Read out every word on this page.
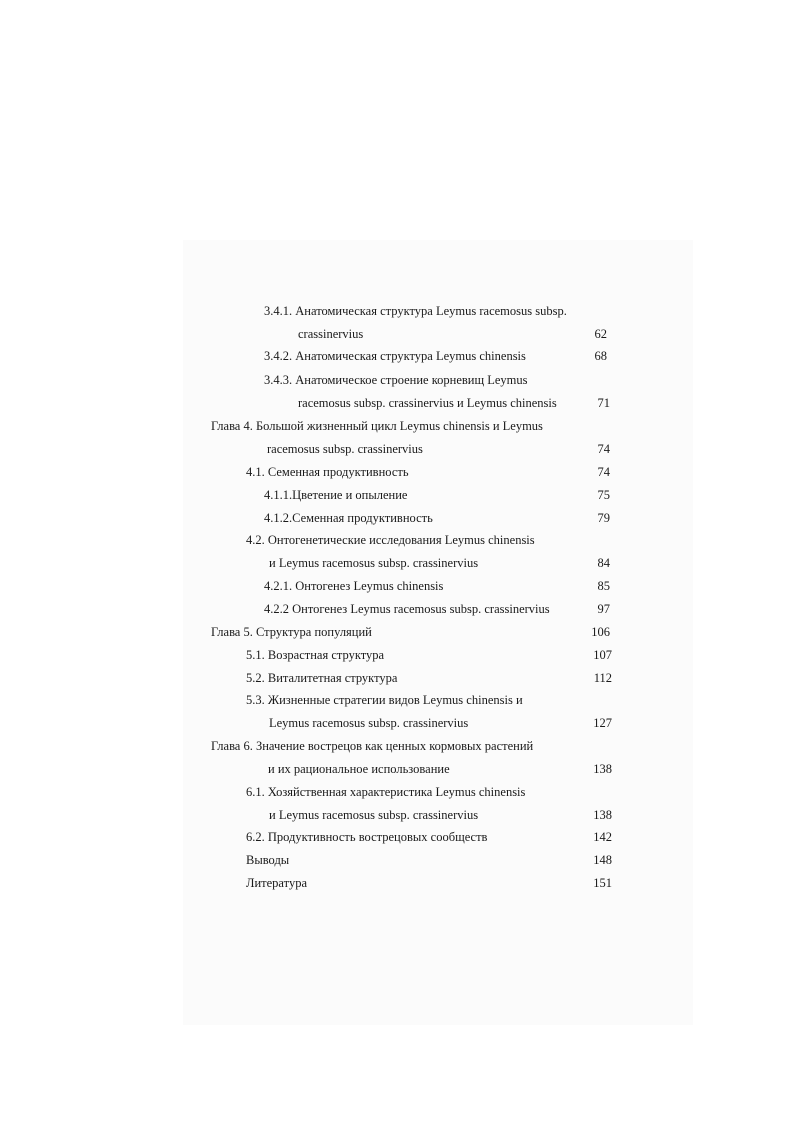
3.4.1. Анатомическая структура Leymus racemosus subsp.
crassinervius	62
3.4.2. Анатомическая структура Leymus chinensis	68
3.4.3. Анатомическое строение корневищ Leymus
racemosus subsp. crassinervius и Leymus chinensis	71
Глава 4. Большой жизненный цикл Leymus chinensis и Leymus
racemosus subsp. crassinervius	74
4.1. Семенная продуктивность	74
4.1.1.Цветение и опыление	75
4.1.2.Семенная продуктивность	79
4.2. Онтогенетические исследования Leymus chinensis
и Leymus racemosus subsp. crassinervius	84
4.2.1. Онтогенез Leymus chinensis	85
4.2.2 Онтогенез Leymus racemosus subsp. crassinervius	97
Глава 5. Структура популяций	106
5.1. Возрастная структура	107
5.2. Виталитетная структура	112
5.3. Жизненные стратегии видов Leymus chinensis и
Leymus racemosus subsp. crassinervius	127
Глава 6. Значение вострецов как ценных кормовых растений
и их рациональное использование	138
6.1. Хозяйственная характеристика Leymus chinensis
и Leymus racemosus subsp. crassinervius	138
6.2. Продуктивность вострецовых сообществ	142
Выводы	148
Литература	151
